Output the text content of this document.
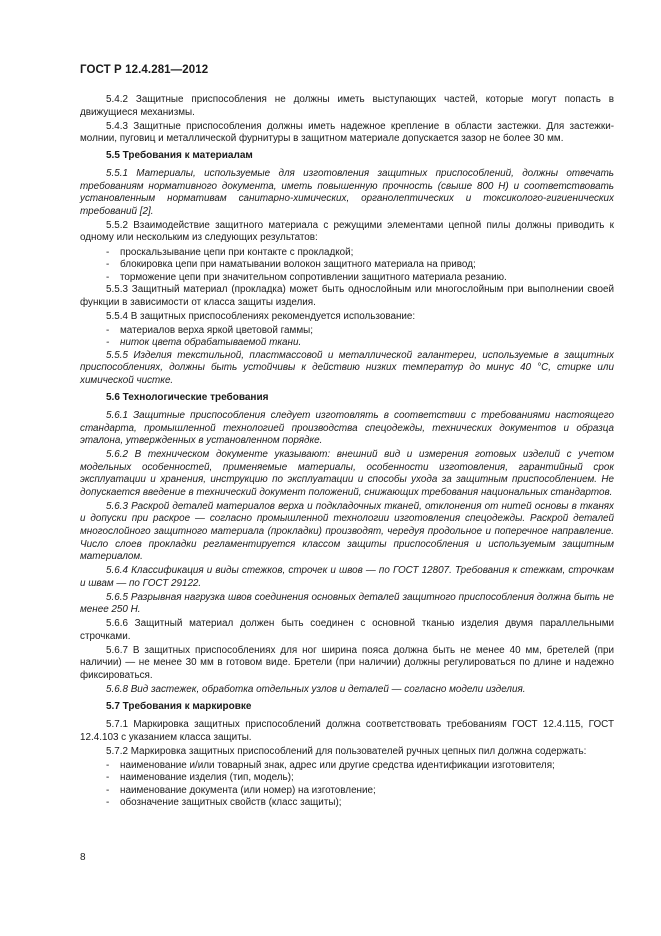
ГОСТ Р 12.4.281—2012

5.4.2 Защитные приспособления не должны иметь выступающих частей, которые могут попасть в движущиеся механизмы.

5.4.3 Защитные приспособления должны иметь надежное крепление в области застежки. Для застежки-молнии, пуговиц и металлической фурнитуры в защитном материале допускается зазор не более 30 мм.

5.5 Требования к материалам

5.5.1 Материалы, используемые для изготовления защитных приспособлений, должны отвечать требованиям нормативного документа, иметь повышенную прочность (свыше 800 Н) и соответствовать установленным нормативам санитарно-химических, органолептических и токсиколого-гигиенических требований [2].

5.5.2 Взаимодействие защитного материала с режущими элементами цепной пилы должны приводить к одному или нескольким из следующих результатов:

- проскальзывание цепи при контакте с прокладкой;
- блокировка цепи при наматывании волокон защитного материала на привод;
- торможение цепи при значительном сопротивлении защитного материала резанию.

5.5.3 Защитный материал (прокладка) может быть однослойным или многослойным при выполнении своей функции в зависимости от класса защиты изделия.

5.5.4 В защитных приспособлениях рекомендуется использование:

- материалов верха яркой цветовой гаммы;
- ниток цвета обрабатываемой ткани.

5.5.5 Изделия текстильной, пластмассовой и металлической галантереи, используемые в защитных приспособлениях, должны быть устойчивы к действию низких температур до минус 40 °С, стирке или химической чистке.

5.6 Технологические требования

5.6.1 Защитные приспособления следует изготовлять в соответствии с требованиями настоящего стандарта, промышленной технологией производства спецодежды, технических документов и образца эталона, утвержденных в установленном порядке.

5.6.2 В техническом документе указывают: внешний вид и измерения готовых изделий с учетом модельных особенностей, применяемые материалы, особенности изготовления, гарантийный срок эксплуатации и хранения, инструкцию по эксплуатации и способы ухода за защитным приспособлением. Не допускается введение в технический документ положений, снижающих требования национальных стандартов.

5.6.3 Раскрой деталей материалов верха и подкладочных тканей, отклонения от нитей основы в тканях и допуски при раскрое — согласно промышленной технологии изготовления спецодежды. Раскрой деталей многослойного защитного материала (прокладки) производят, чередуя продольное и поперечное направление. Число слоев прокладки регламентируется классом защиты приспособления и используемым защитным материалом.

5.6.4 Классификация и виды стежков, строчек и швов — по ГОСТ 12807. Требования к стежкам, строчкам и швам — по ГОСТ 29122.

5.6.5 Разрывная нагрузка швов соединения основных деталей защитного приспособления должна быть не менее 250 Н.

5.6.6 Защитный материал должен быть соединен с основной тканью изделия двумя параллельными строчками.

5.6.7 В защитных приспособлениях для ног ширина пояса должна быть не менее 40 мм, бретелей (при наличии) — не менее 30 мм в готовом виде. Бретели (при наличии) должны регулироваться по длине и надежно фиксироваться.

5.6.8 Вид застежек, обработка отдельных узлов и деталей — согласно модели изделия.

5.7 Требования к маркировке

5.7.1 Маркировка защитных приспособлений должна соответствовать требованиям ГОСТ 12.4.115, ГОСТ 12.4.103 с указанием класса защиты.

5.7.2 Маркировка защитных приспособлений для пользователей ручных цепных пил должна содержать:

- наименование и/или товарный знак, адрес или другие средства идентификации изготовителя;
- наименование изделия (тип, модель);
- наименование документа (или номер) на изготовление;
- обозначение защитных свойств (класс защиты);
8
